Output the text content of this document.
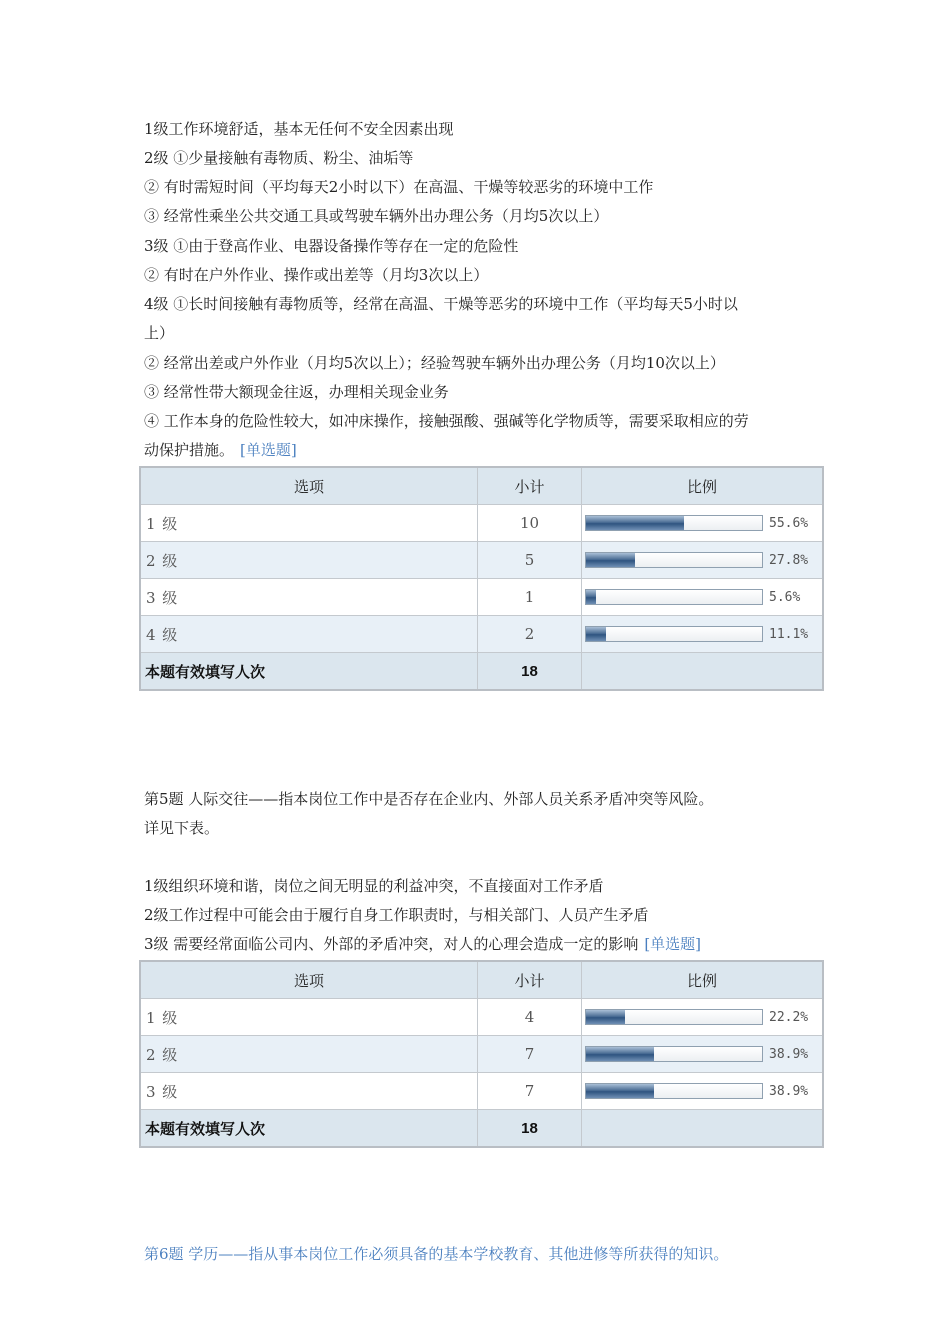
1级工作环境舒适，基本无任何不安全因素出现
2级 ①少量接触有毒物质、粉尘、油垢等
② 有时需短时间（平均每天2小时以下）在高温、干燥等较恶劣的环境中工作
③ 经常性乘坐公共交通工具或驾驶车辆外出办理公务（月均5次以上）
3级 ①由于登高作业、电器设备操作等存在一定的危险性
② 有时在户外作业、操作或出差等（月均3次以上）
4级 ①长时间接触有毒物质等，经常在高温、干燥等恶劣的环境中工作（平均每天5小时以
上）
② 经常出差或户外作业（月均5次以上）；经验驾驶车辆外出办理公务（月均10次以上）
③ 经常性带大额现金往返，办理相关现金业务
④ 工作本身的危险性较大，如冲床操作，接触强酸、强碱等化学物质等，需要采取相应的劳
动保护措施。 [单选题]
选项	小计	比例
1 级	10	55.6%

2 级	5	27.8%

3 级	1	5.6%

4 级	2	11.1%

本题有效填写人次	18	
第5题 人际交往——指本岗位工作中是否存在企业内、外部人员关系矛盾冲突等风险。
详见下表。
1级组织环境和谐，岗位之间无明显的利益冲突，不直接面对工作矛盾
2级工作过程中可能会由于履行自身工作职责时，与相关部门、人员产生矛盾
3级 需要经常面临公司内、外部的矛盾冲突，对人的心理会造成一定的影响 [单选题]
选项	小计	比例
1 级	4	22.2%

2 级	7	38.9%

3 级	7	38.9%

本题有效填写人次	18	
第6题 学历——指从事本岗位工作必须具备的基本学校教育、其他进修等所获得的知识。
